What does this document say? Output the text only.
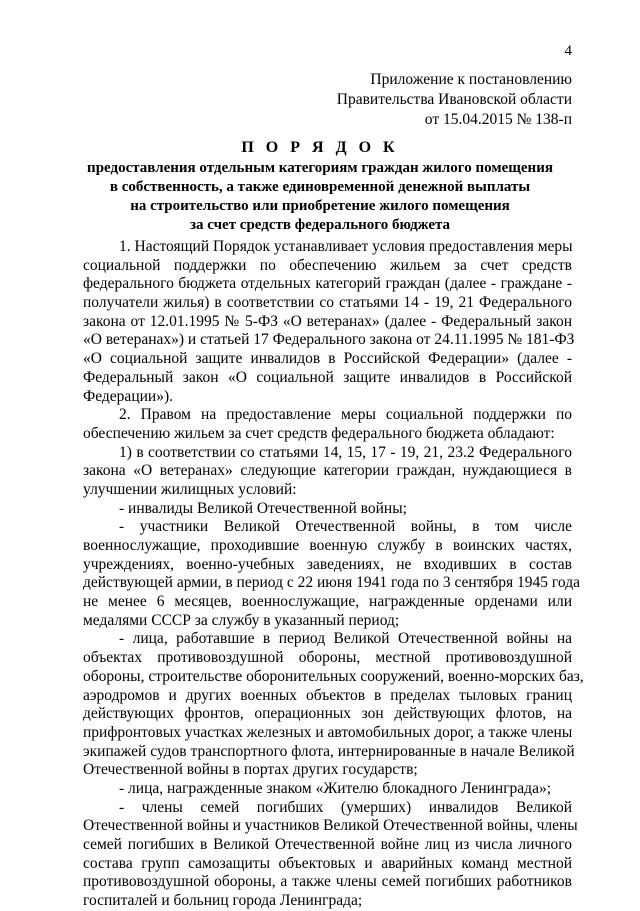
4
Приложение к постановлению
Правительства Ивановской области
от 15.04.2015 № 138-п
П О Р Я Д О К
предоставления отдельным категориям граждан жилого помещения
в собственность, а также единовременной денежной выплаты
на строительство или приобретение жилого помещения
за счет средств федерального бюджета
1. Настоящий Порядок устанавливает условия предоставления меры
социальной поддержки по обеспечению жильем за счет средств
федерального бюджета отдельных категорий граждан (далее - граждане -
получатели жилья) в соответствии со статьями 14 - 19, 21 Федерального
закона от 12.01.1995 № 5-ФЗ «О ветеранах» (далее - Федеральный закон
«О ветеранах») и статьей 17 Федерального закона от 24.11.1995 № 181-ФЗ
«О социальной защите инвалидов в Российской Федерации» (далее -
Федеральный закон «О социальной защите инвалидов в Российской
Федерации»).
2. Правом на предоставление меры социальной поддержки по
обеспечению жильем за счет средств федерального бюджета обладают:
1) в соответствии со статьями 14, 15, 17 - 19, 21, 23.2 Федерального
закона «О ветеранах» следующие категории граждан, нуждающиеся в
улучшении жилищных условий:
- инвалиды Великой Отечественной войны;
- участники Великой Отечественной войны, в том числе
военнослужащие, проходившие военную службу в воинских частях,
учреждениях, военно-учебных заведениях, не входивших в состав
действующей армии, в период с 22 июня 1941 года по 3 сентября 1945 года
не менее 6 месяцев, военнослужащие, награжденные орденами или
медалями СССР за службу в указанный период;
- лица, работавшие в период Великой Отечественной войны на
объектах противовоздушной обороны, местной противовоздушной
обороны, строительстве оборонительных сооружений, военно-морских баз,
аэродромов и других военных объектов в пределах тыловых границ
действующих фронтов, операционных зон действующих флотов, на
прифронтовых участках железных и автомобильных дорог, а также члены
экипажей судов транспортного флота, интернированные в начале Великой
Отечественной войны в портах других государств;
- лица, награжденные знаком «Жителю блокадного Ленинграда»;
- члены семей погибших (умерших) инвалидов Великой
Отечественной войны и участников Великой Отечественной войны, члены
семей погибших в Великой Отечественной войне лиц из числа личного
состава групп самозащиты объектовых и аварийных команд местной
противовоздушной обороны, а также члены семей погибших работников
госпиталей и больниц города Ленинграда;
